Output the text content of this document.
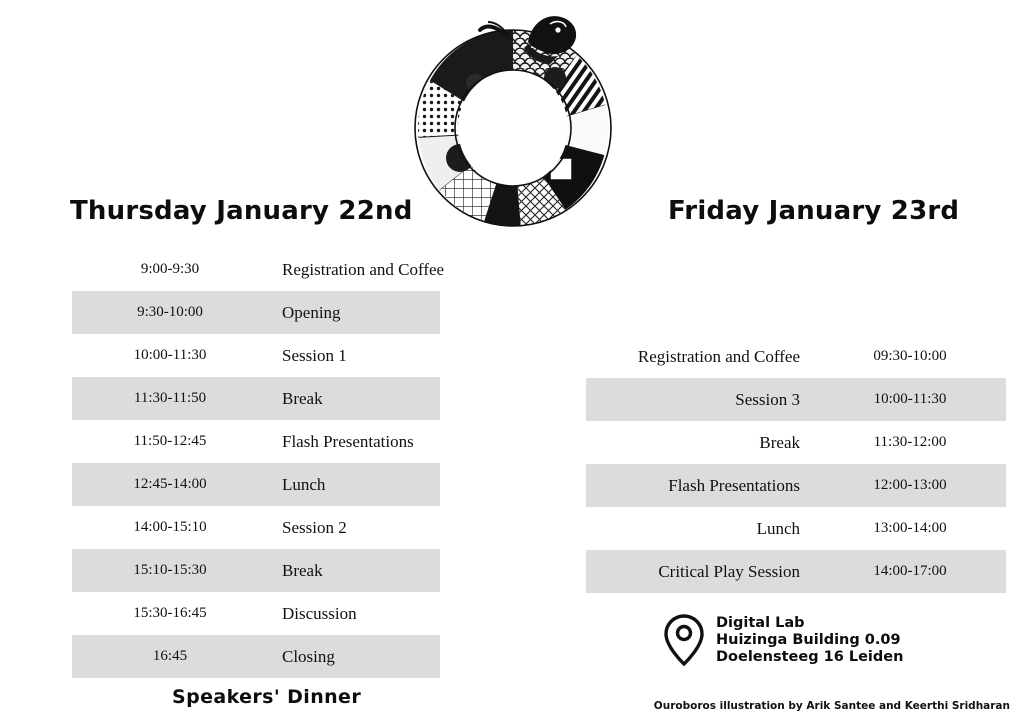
Thursday January 22nd
9:00-9:30	Registration and Coffee
9:30-10:00	Opening
10:00-11:30	Session 1
11:30-11:50	Break
11:50-12:45	Flash Presentations
12:45-14:00	Lunch
14:00-15:10	Session 2
15:10-15:30	Break
15:30-16:45	Discussion
16:45	Closing
Speakers' Dinner
Friday January 23rd
Registration and Coffee	09:30-10:00
Session 3	10:00-11:30
Break	11:30-12:00
Flash Presentations	12:00-13:00
Lunch	13:00-14:00
Critical Play Session	14:00-17:00
Digital Lab
Huizinga Building 0.09
Doelensteeg 16 Leiden
Ouroboros illustration by Arik Santee and Keerthi Sridharan
